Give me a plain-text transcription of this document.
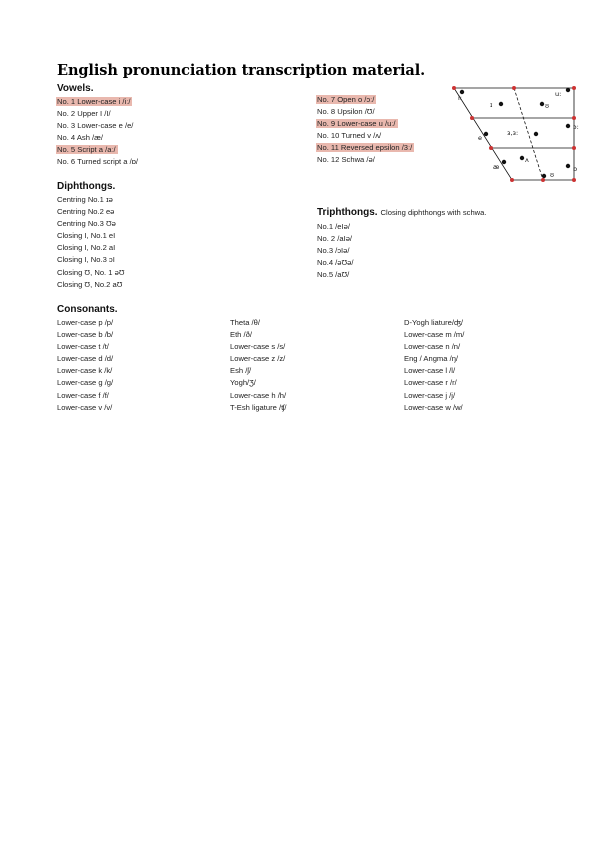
English pronunciation transcription material.
Vowels.
No. 1 Lower-case i /iː/
No. 2 Upper I /I/
No. 3 Lower-case e /e/
No. 4 Ash /æ/
No. 5 Script a /aː/
No. 6 Turned script a /ɒ/
No. 7 Open o /ɔː/
No. 8 Upsilon /Ʊ/
No. 9 Lower-case u /uː/
No. 10 Turned v /ʌ/
No. 11 Reversed epsilon /3ː/
No. 12 Schwa /ə/
i:
ɪ	ʊ
u:
e
ɜ,ɜ:
ɔ:
ʌ
æ
ʊ
ɒ
Diphthongs.
Centring No.1 ɪə
Centring No.2 eə
Centring No.3 Ʊə
Closing I, No.1 eI
Closing I, No.2 aI
Closing I, No.3 ɔI
Closing Ʊ, No. 1 əƱ
Closing Ʊ, No.2 aƱ
Triphthongs. Closing diphthongs with schwa.
No.1 /eIə/
No. 2 /aIə/
No.3 /ɔIə/
No.4 /əƱə/
No.5 /aƱ/
Consonants.
Lower-case p /p/
Lower-case b /b/
Lower-case t /t/
Lower-case d /d/
Lower-case k /k/
Lower-case g /g/
Lower-case f /f/
Lower-case v /v/
Theta /θ/
Eth /ð/
Lower-case s /s/
Lower-case z /z/
Esh /ʃ/
Yogh/Ʒ/
Lower-case h /h/
T-Esh ligature /ʧ/
D-Yogh liature/ʤ/
Lower-case m /m/
Lower-case n /n/
Eng / Angma /ŋ/
Lower-case l /l/
Lower-case r /r/
Lower-case j /j/
Lower-case w /w/
